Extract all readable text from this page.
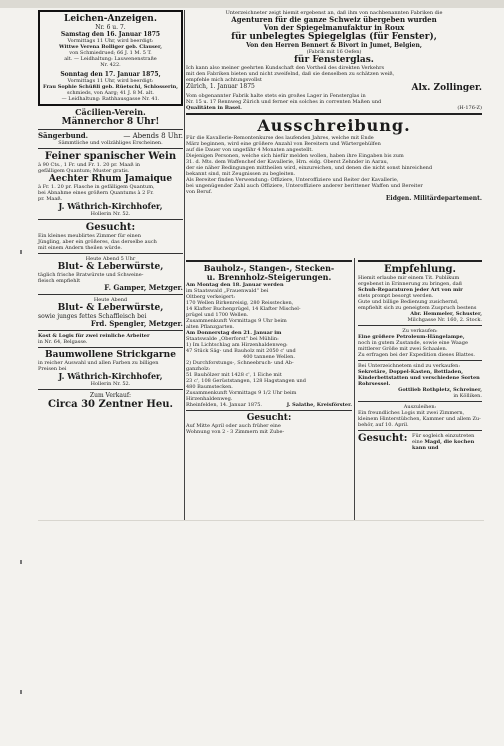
Leichen-Anzeigen.
Nr. 6 u. 7.
Samstag den 16. Januar 1875
Vormittags 11 Uhr, wird beerdigt:
Wittwe Verena Bolliger geb. Clauser,
von Schmiedrued; 66 J. 1 M. 5 T.
alt. — Leidhaltung: Lauwenenstraße
Nr. 422.
Sonntag den 17. Januar 1875,
Vormittags 11 Uhr, wird beerdigt:
Frau Sophie Schüßli geb. Rüetschi, Schlosserin,
schmieds, von Aarg; 41 J. 8 M. alt.
— Leidhaltung: Rathhausgasse Nr. 41.
Cäcilien-Verein.
Männerchor 8 Uhr!
Sängerbund.	— Abends 8 Uhr.
Sämmtliche und vollzähliges Erscheinen.
Feiner spanischer Wein
à 90 Cts., 1 Fr. und Fr. 1. 20 pr. Maaß in
gefälligem Quantum; Muster gratis.
Aechter Rhum Jamaique
à Fr. 1. 20 pr. Flasche in gefälligem Quantum,
bei Abnahme eines größern Quantums à 2 Fr.
pr. Maaß.
J. Wäthrich-Kirchhofer,
Hollerin Nr. 52.
Gesucht:
Ein kleines meublirtes Zimmer für einen
Jüngling, aber ein größeres, das derselbe auch
mit einem Andern theilen würde.
Heute Abend 5 Uhr
Blut- & Leberwürste,
täglich frische Bratwürste und Schweine-
fleisch empfiehlt
F. Gamper, Metzger.
Heute Abend
Blut- & Leberwürste,
sowie junges fettes Schaffleisch bei
Frd. Spengler, Metzger.
Kost & Logis für zwei reinliche Arbeiter
in Nr. 64, Belgasse.
Baumwollene Strickgarne
in reicher Auswahl und allen Farben zu billigen
Preisen bei
J. Wäthrich-Kirchhofer,
Hollerin Nr. 52.
Zum Verkauf:
Circa 30 Zentner Heu.
Unterzeichneter zeigt hiemit ergebenst an, daß ihm von nachbenannten Fabriken die
Agenturen für die ganze Schweiz übergeben wurden
Von der Spiegelmanufaktur in Roux
für unbelegtes Spiegelglas (für Fenster),
Von den Herren Bennert & Bivort in Jumet, Belgien,
(Fabrik mit 16 Oefen)
für Fensterglas.
Ich kann also meiner geehrten Kundschaft den Vortheil des direkten Verkehrs
mit den Fabriken bieten und nicht zweifelnd, daß sie denselben zu schätzen weiß,
empfehle mich achtungsvollst
Zürich, 1. Januar 1875	Alx. Zollinger.
Vom obgenannter Fabrik halte stets ein großes Lager in Fensterglas in
Nr. 15 u. 17 Rennweg Zürich und ferner ein solches in correnten Maßen und
Qualitäten in Basel.	(H-176-Z)
Ausschreibung.
Für die Kavallerie-Remontenkurse des laufenden Jahres, welche mit Ende
März beginnen, wird eine größere Anzahl von Bereitern und Wärtergehülfen
auf die Dauer von ungefähr 4 Monaten angestellt.
Diejenigen Personen, welche sich hiefür melden wollen, haben ihre Eingaben bis zum
31. d. Mts. dem Waffenchef der Kavallerie, Hrn. eidg. Oberst Zehnder in Aarau,
der sie näher Bedingungen mittheilen wird, einzureichen, und denen die nicht sonst hinreichend
bekannt sind, mit Zeugnissen zu begleiten.
Als Bereiter finden Verwendung: Offiziere, Unteroffiziere und Reiter der Kavallerie,
bei ungenügender Zahl auch Offiziere, Unteroffiziere anderer berittener Waffen und Bereiter
von Beruf.
Eidgen. Militärdepartement.
Bauholz-, Stangen-, Stecken-
u. Brennholz-Steigerungen.
Am Montag den 18. Januar werden
im Staatswald „Frauenwald“ bei
Oltberg verkeigert:
170 Wellen Birkenreisig, 280 Reisstecken,
14 Klafter Buchenprügel, 14 Klafter Mischel-
prügel und 1700 Wellen.
Zusammenkunft Vormittags 9 Uhr beim
alten Pflanzgarten.
Am Donnerstag den 21. Januar im
Staatswalde „Oberforst“ bei Mühlin:
1) Im Lichtschlag am Hirzenhaldenweg:
47 Stück Säg- und Bauholz mit 2050 c' und
400 tannene Wellen.
2) Durchforstungs-, Schneebruch- und Ab-
ganzholz:
51 Bauhölzer mit 1428 c', 1 Eiche mit
23 c', 108 Gerüststangen, 128 Hagstangen und
480 Baumstecken.
Zusammenkunft Vormittags 9 1/2 Uhr beim
Hirzenhaldenweg.
Rheinfelden, 14. Januar 1875.	J. Salathe, Kreisförster.
Gesucht:
Auf Mitte April oder auch früher eine
Wohnung von 2 - 3 Zimmern mit Zube-
Empfehlung.
Hiemit erlaube mir einem Tit. Publikum
ergebenst in Erinnerung zu bringen, daß
Schuh-Reparaturen jeder Art von mir
stets prompt besorgt werden.
Gute und billige Bedienung zusichernd,
empfiehlt sich zu geneigtem Zuspruch bestens
Abr. Hemmeler, Schuster,
Milchgasse Nr. 160, 2. Stock.
Zu verkaufen:
Eine größere Petroleum-Hängelampe,
noch in gutem Zustande, sowie eine Waage
mittlerer Größe mit zwei Schaalen.
Zu erfragen bei der Expedition dieses Blattes.
Bei Unterzeichnetem sind zu verkaufen:
Sekretäre, Doppel-Kasten, Bettladen,
Kinderbettstatten und verschiedene Sorten
Rohrsessel.
Gottlieb Rothpletz, Schreiner,
in Kölliken.
Auszuleihen:
Ein freundliches Logis mit zwei Zimmern,
kleinem Hinterstübchen, Kammer und allem Zu-
behör, auf 10. April.
Gesucht: Für sogleich einzutreten eine Magd, die kochen kann und
